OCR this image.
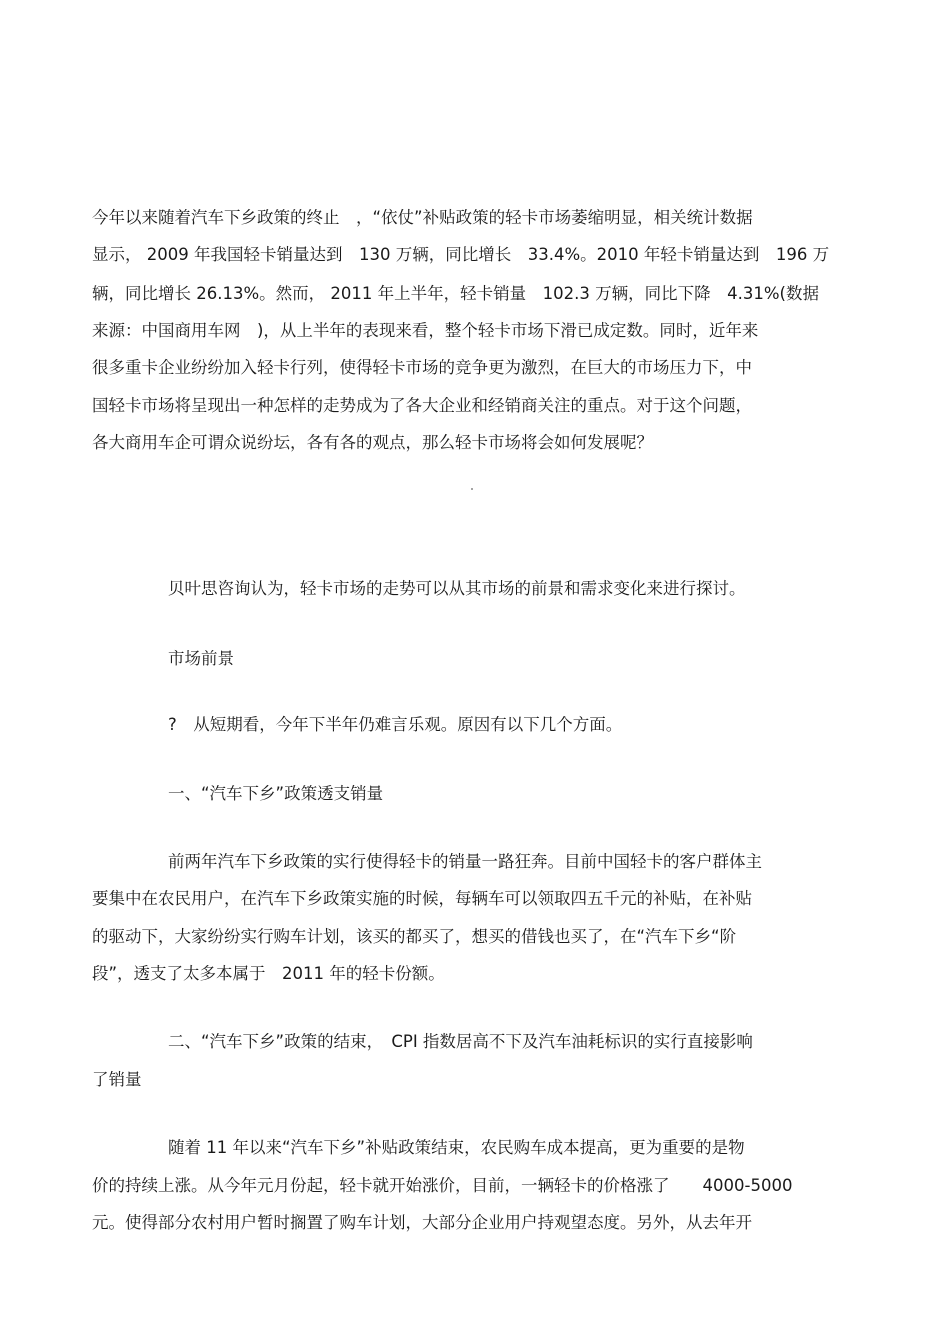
今年以来随着汽车下乡政策的终止　，“依仗”补贴政策的轻卡市场萎缩明显，相关统计数据
显示， 2009 年我国轻卡销量达到　130 万辆，同比增长　33.4%。2010 年轻卡销量达到　196 万
辆，同比增长 26.13%。然而， 2011 年上半年，轻卡销量　102.3 万辆，同比下降　4.31%(数据
来源：中国商用车网　)，从上半年的表现来看，整个轻卡市场下滑已成定数。同时，近年来
很多重卡企业纷纷加入轻卡行列，使得轻卡市场的竞争更为激烈，在巨大的市场压力下，中
国轻卡市场将呈现出一种怎样的走势成为了各大企业和经销商关注的重点。对于这个问题，
各大商用车企可谓众说纷坛，各有各的观点，那么轻卡市场将会如何发展呢？
贝叶思咨询认为，轻卡市场的走势可以从其市场的前景和需求变化来进行探讨。
市场前景
?　从短期看，今年下半年仍难言乐观。原因有以下几个方面。
一、“汽车下乡”政策透支销量
前两年汽车下乡政策的实行使得轻卡的销量一路狂奔。目前中国轻卡的客户群体主
要集中在农民用户，在汽车下乡政策实施的时候，每辆车可以领取四五千元的补贴，在补贴
的驱动下，大家纷纷实行购车计划，该买的都买了，想买的借钱也买了，在“汽车下乡“阶
段”，透支了太多本属于　2011 年的轻卡份额。
二、“汽车下乡”政策的结束，　CPI 指数居高不下及汽车油耗标识的实行直接影响
了销量
随着 11 年以来“汽车下乡”补贴政策结束，农民购车成本提高，更为重要的是物
价的持续上涨。从今年元月份起，轻卡就开始涨价，目前，一辆轻卡的价格涨了　　4000-5000
元。使得部分农村用户暂时搁置了购车计划，大部分企业用户持观望态度。另外，从去年开
